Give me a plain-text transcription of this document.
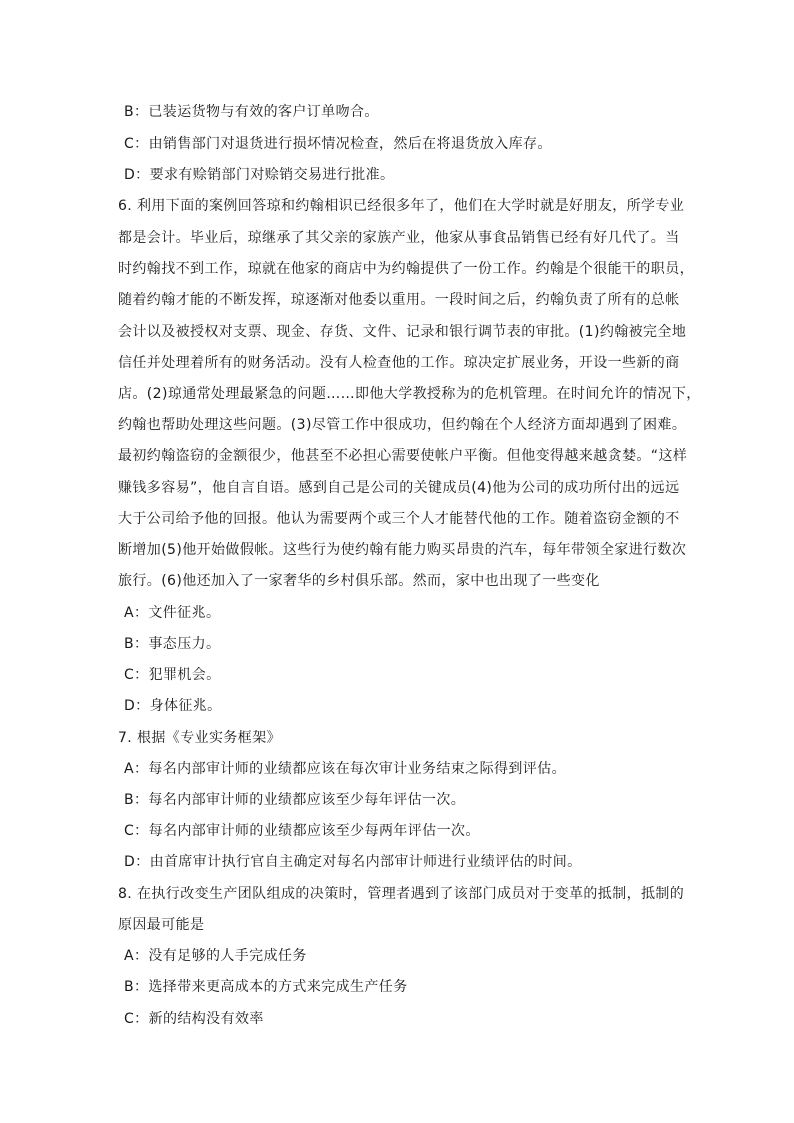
B：已装运货物与有效的客户订单吻合。
C：由销售部门对退货进行损坏情况检查，然后在将退货放入库存。
D：要求有赊销部门对赊销交易进行批准。
6. 利用下面的案例回答琼和约翰相识已经很多年了，他们在大学时就是好朋友，所学专业
都是会计。毕业后，琼继承了其父亲的家族产业，他家从事食品销售已经有好几代了。当
时约翰找不到工作，琼就在他家的商店中为约翰提供了一份工作。约翰是个很能干的职员，
随着约翰才能的不断发挥，琼逐渐对他委以重用。一段时间之后，约翰负责了所有的总帐
会计以及被授权对支票、现金、存货、文件、记录和银行调节表的审批。(1)约翰被完全地
信任并处理着所有的财务活动。没有人检查他的工作。琼决定扩展业务，开设一些新的商
店。(2)琼通常处理最紧急的问题……即他大学教授称为的危机管理。在时间允许的情况下，
约翰也帮助处理这些问题。(3)尽管工作中很成功，但约翰在个人经济方面却遇到了困难。
最初约翰盗窃的金额很少，他甚至不必担心需要使帐户平衡。但他变得越来越贪婪。“这样
赚钱多容易”，他自言自语。感到自己是公司的关键成员(4)他为公司的成功所付出的远远
大于公司给予他的回报。他认为需要两个或三个人才能替代他的工作。随着盗窃金额的不
断增加(5)他开始做假帐。这些行为使约翰有能力购买昂贵的汽车，每年带领全家进行数次
旅行。(6)他还加入了一家奢华的乡村俱乐部。然而，家中也出现了一些变化
A：文件征兆。
B：事态压力。
C：犯罪机会。
D：身体征兆。
7. 根据《专业实务框架》
A：每名内部审计师的业绩都应该在每次审计业务结束之际得到评估。
B：每名内部审计师的业绩都应该至少每年评估一次。
C：每名内部审计师的业绩都应该至少每两年评估一次。
D：由首席审计执行官自主确定对每名内部审计师进行业绩评估的时间。
8. 在执行改变生产团队组成的决策时，管理者遇到了该部门成员对于变革的抵制，抵制的
原因最可能是
A：没有足够的人手完成任务
B：选择带来更高成本的方式来完成生产任务
C：新的结构没有效率
